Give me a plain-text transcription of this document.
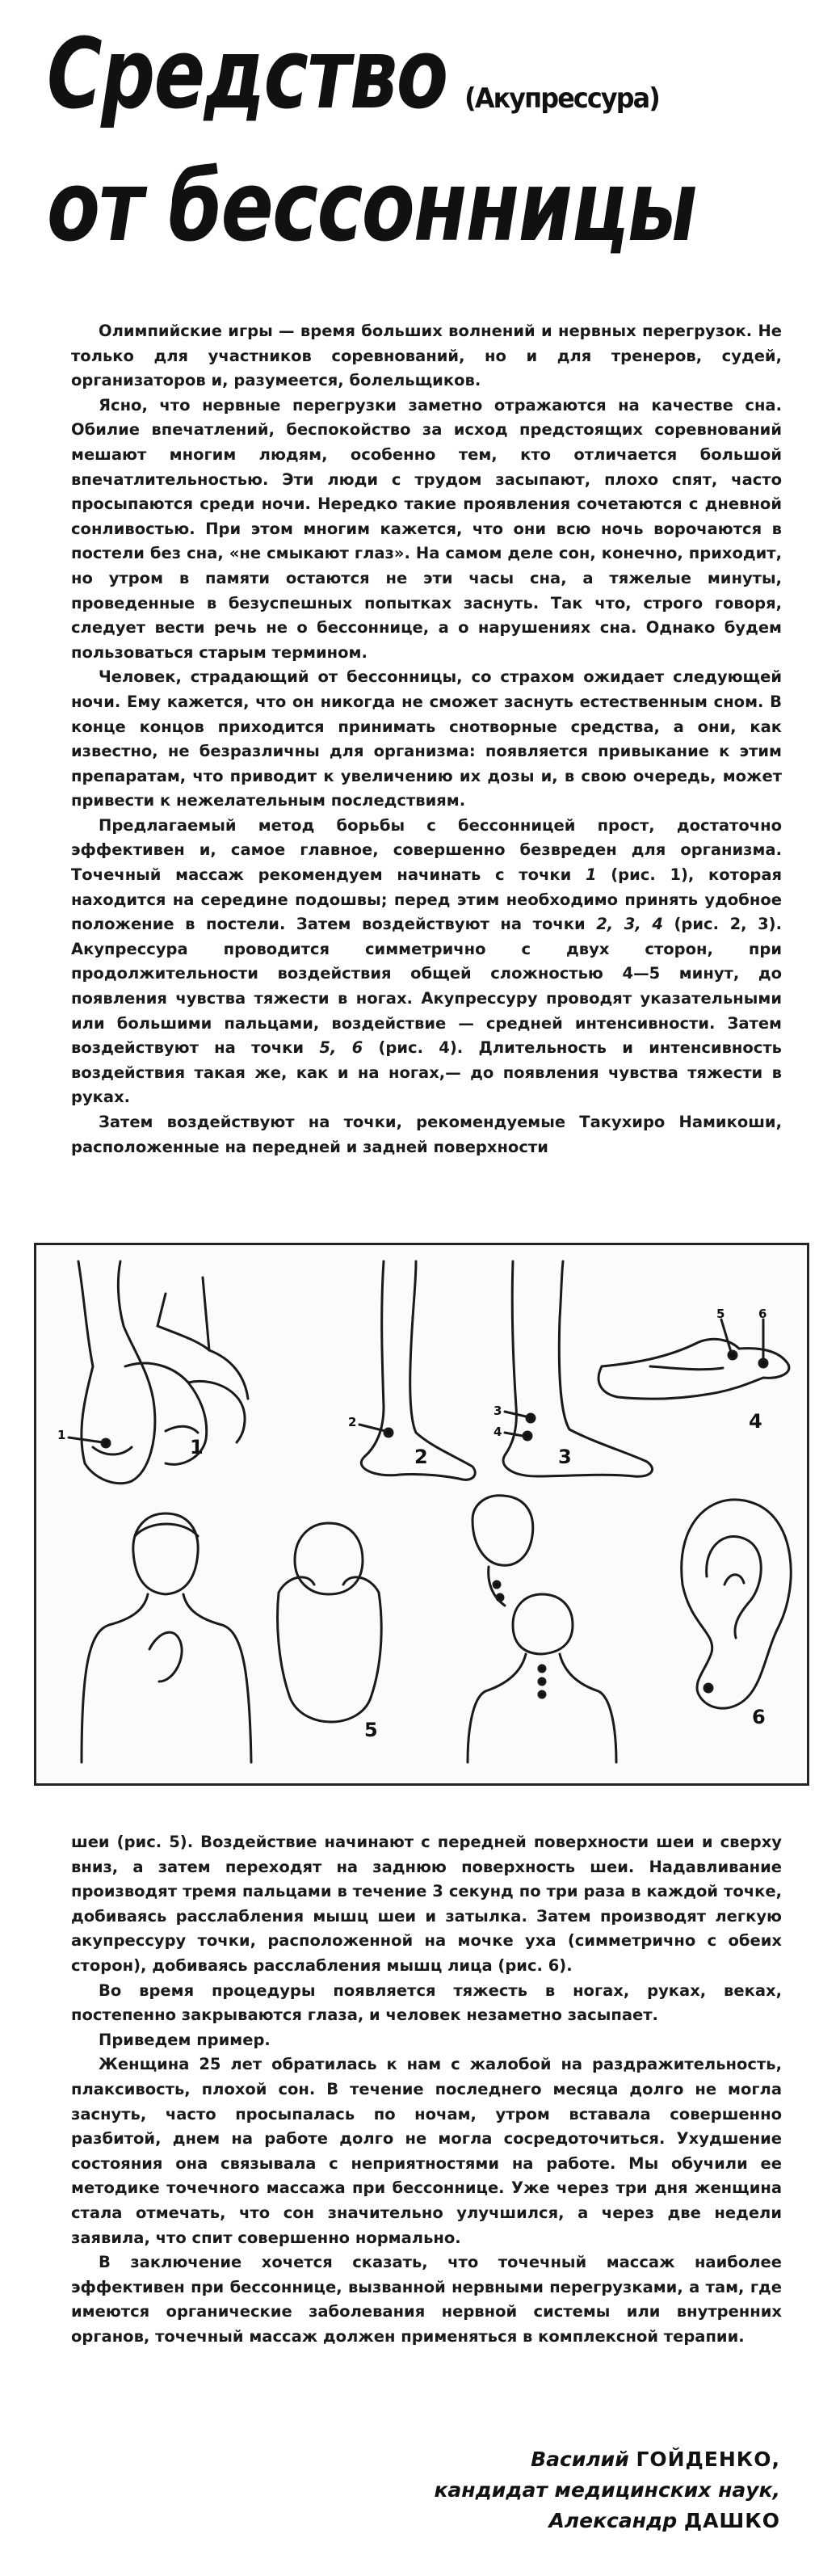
Средство (Акупрессура)
от бессонницы

Олимпийские игры — время больших волнений и нервных перегрузок. Не только для участников соревнований, но и для тренеров, судей, организаторов и, разумеется, болельщиков.

Ясно, что нервные перегрузки заметно отражаются на качестве сна. Обилие впечатлений, беспокойство за исход предстоящих соревнований мешают многим людям, особенно тем, кто отличается большой впечатлительностью. Эти люди с трудом засыпают, плохо спят, часто просыпаются среди ночи. Нередко такие проявления сочетаются с дневной сонливостью. При этом многим кажется, что они всю ночь ворочаются в постели без сна, «не смыкают глаз». На самом деле сон, конечно, приходит, но утром в памяти остаются не эти часы сна, а тяжелые минуты, проведенные в безуспешных попытках заснуть. Так что, строго говоря, следует вести речь не о бессоннице, а о нарушениях сна. Однако будем пользоваться старым термином.

Человек, страдающий от бессонницы, со страхом ожидает следующей ночи. Ему кажется, что он никогда не сможет заснуть естественным сном. В конце концов приходится принимать снотворные средства, а они, как известно, не безразличны для организма: появляется привыкание к этим препаратам, что приводит к увеличению их дозы и, в свою очередь, может привести к нежелательным последствиям.

Предлагаемый метод борьбы с бессонницей прост, достаточно эффективен и, самое главное, совершенно безвреден для организма. Точечный массаж рекомендуем начинать с точки 1 (рис. 1), которая находится на середине подошвы; перед этим необходимо принять удобное положение в постели. Затем воздействуют на точки 2, 3, 4 (рис. 2, 3). Акупрессура проводится симметрично с двух сторон, при продолжительности воздействия общей сложностью 4—5 минут, до появления чувства тяжести в ногах. Акупрессуру проводят указательными или большими пальцами, воздействие — средней интенсивности. Затем воздействуют на точки 5, 6 (рис. 4). Длительность и интенсивность воздействия такая же, как и на ногах,— до появления чувства тяжести в руках.

Затем воздействуют на точки, рекомендуемые Такухиро Намикоши, расположенные на передней и задней поверхности

1	2	3
4
5
6
1
2
3
4
5	6

шеи (рис. 5). Воздействие начинают с передней поверхности шеи и сверху вниз, а затем переходят на заднюю поверхность шеи. Надавливание производят тремя пальцами в течение 3 секунд по три раза в каждой точке, добиваясь расслабления мышц шеи и затылка. Затем производят легкую акупрессуру точки, расположенной на мочке уха (симметрично с обеих сторон), добиваясь расслабления мышц лица (рис. 6).

Во время процедуры появляется тяжесть в ногах, руках, веках, постепенно закрываются глаза, и человек незаметно засыпает.

Приведем пример.

Женщина 25 лет обратилась к нам с жалобой на раздражительность, плаксивость, плохой сон. В течение последнего месяца долго не могла заснуть, часто просыпалась по ночам, утром вставала совершенно разбитой, днем на работе долго не могла сосредоточиться. Ухудшение состояния она связывала с неприятностями на работе. Мы обучили ее методике точечного массажа при бессоннице. Уже через три дня женщина стала отмечать, что сон значительно улучшился, а через две недели заявила, что спит совершенно нормально.

В заключение хочется сказать, что точечный массаж наиболее эффективен при бессоннице, вызванной нервными перегрузками, а там, где имеются органические заболевания нервной системы или внутренних органов, точечный массаж должен применяться в комплексной терапии.

Василий ГОЙДЕНКО,
кандидат медицинских наук,
Александр ДАШКО
